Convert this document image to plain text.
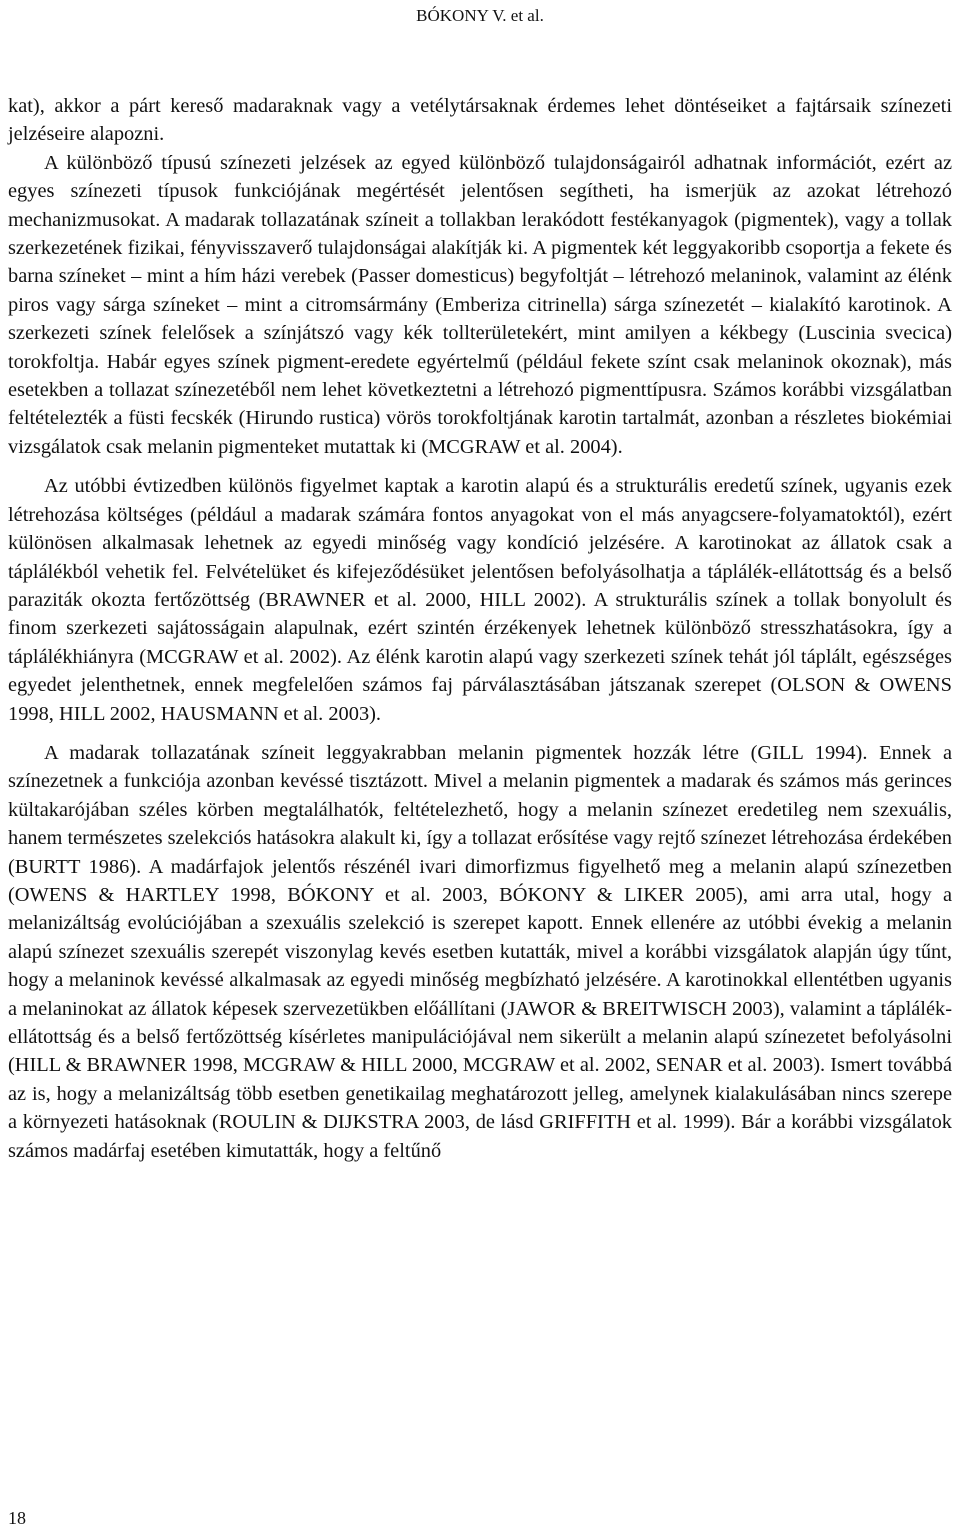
BÓKONY V. et al.

kat), akkor a párt kereső madaraknak vagy a vetélytársaknak érdemes lehet döntéseiket a fajtársaik színezeti jelzéseire alapozni.

A különböző típusú színezeti jelzések az egyed különböző tulajdonságairól adhatnak információt, ezért az egyes színezeti típusok funkciójának megértését jelentősen segítheti, ha ismerjük az azokat létrehozó mechanizmusokat. A madarak tollazatának színeit a tollakban lerakódott festékanyagok (pigmentek), vagy a tollak szerkezetének fizikai, fényvisszaverő tulajdonságai alakítják ki. A pigmentek két leggyakoribb csoportja a fekete és barna színeket – mint a hím házi verebek (Passer domesticus) begyfoltját – létrehozó melaninok, valamint az élénk piros vagy sárga színeket – mint a citromsármány (Emberiza citrinella) sárga színezetét – kialakító karotinok. A szerkezeti színek felelősek a színjátszó vagy kék tollterületekért, mint amilyen a kékbegy (Luscinia svecica) torokfoltja. Habár egyes színek pigment-eredete egyértelmű (például fekete színt csak melaninok okoznak), más esetekben a tollazat színezetéből nem lehet következtetni a létrehozó pigmenttípusra. Számos korábbi vizsgálatban feltételezték a füsti fecskék (Hirundo rustica) vörös torokfoltjának karotin tartalmát, azonban a részletes biokémiai vizsgálatok csak melanin pigmenteket mutattak ki (MCGRAW et al. 2004).

Az utóbbi évtizedben különös figyelmet kaptak a karotin alapú és a strukturális eredetű színek, ugyanis ezek létrehozása költséges (például a madarak számára fontos anyagokat von el más anyagcsere-folyamatoktól), ezért különösen alkalmasak lehetnek az egyedi minőség vagy kondíció jelzésére. A karotinokat az állatok csak a táplálékból vehetik fel. Felvételüket és kifejeződésüket jelentősen befolyásolhatja a táplálék-ellátottság és a belső paraziták okozta fertőzöttség (BRAWNER et al. 2000, HILL 2002). A strukturális színek a tollak bonyolult és finom szerkezeti sajátosságain alapulnak, ezért szintén érzékenyek lehetnek különböző stresszhatásokra, így a táplálékhiányra (MCGRAW et al. 2002). Az élénk karotin alapú vagy szerkezeti színek tehát jól táplált, egészséges egyedet jelenthetnek, ennek megfelelően számos faj párválasztásában játszanak szerepet (OLSON & OWENS 1998, HILL 2002, HAUSMANN et al. 2003).

A madarak tollazatának színeit leggyakrabban melanin pigmentek hozzák létre (GILL 1994). Ennek a színezetnek a funkciója azonban kevéssé tisztázott. Mivel a melanin pigmentek a madarak és számos más gerinces kültakarójában széles körben megtalálhatók, feltételezhető, hogy a melanin színezet eredetileg nem szexuális, hanem természetes szelekciós hatásokra alakult ki, így a tollazat erősítése vagy rejtő színezet létrehozása érdekében (BURTT 1986). A madárfajok jelentős részénél ivari dimorfizmus figyelhető meg a melanin alapú színezetben (OWENS & HARTLEY 1998, BÓKONY et al. 2003, BÓKONY & LIKER 2005), ami arra utal, hogy a melanizáltság evolúciójában a szexuális szelekció is szerepet kapott. Ennek ellenére az utóbbi évekig a melanin alapú színezet szexuális szerepét viszonylag kevés esetben kutatták, mivel a korábbi vizsgálatok alapján úgy tűnt, hogy a melaninok kevéssé alkalmasak az egyedi minőség megbízható jelzésére. A karotinokkal ellentétben ugyanis a melaninokat az állatok képesek szervezetükben előállítani (JAWOR & BREITWISCH 2003), valamint a táplálék-ellátottság és a belső fertőzöttség kísérletes manipulációjával nem sikerült a melanin alapú színezetet befolyásolni (HILL & BRAWNER 1998, MCGRAW & HILL 2000, MCGRAW et al. 2002, SENAR et al. 2003). Ismert továbbá az is, hogy a melanizáltság több esetben genetikailag meghatározott jelleg, amelynek kialakulásában nincs szerepe a környezeti hatásoknak (ROULIN & DIJKSTRA 2003, de lásd GRIFFITH et al. 1999). Bár a korábbi vizsgálatok számos madárfaj esetében kimutatták, hogy a feltűnő

18
